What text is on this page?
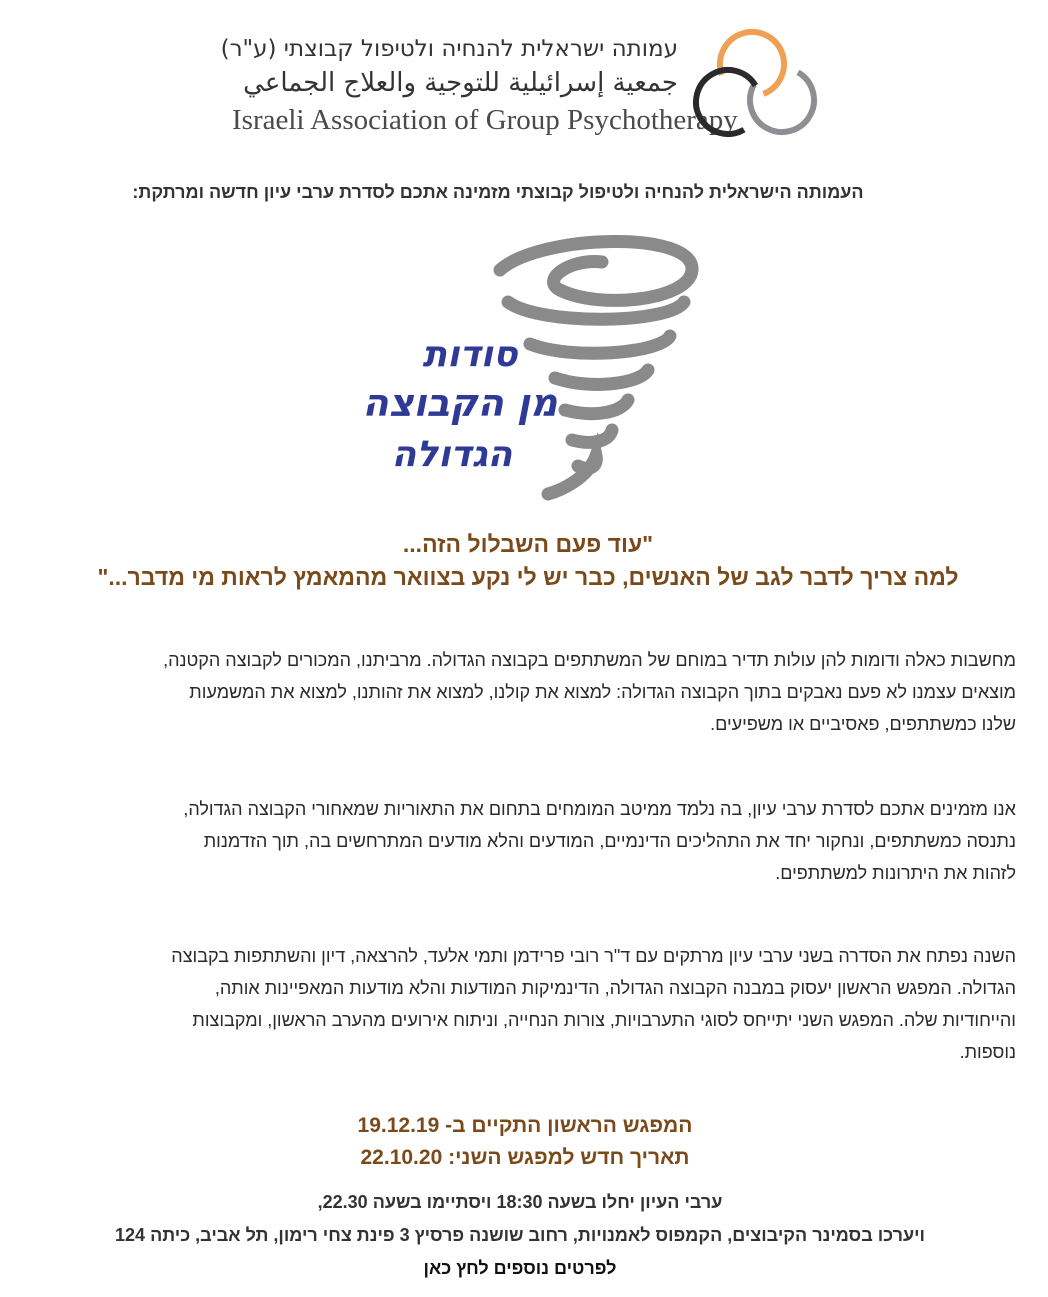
עמותה ישראלית להנחיה ולטיפול קבוצתי (ע"ר)
جمعية إسرائيلية للتوجية والعلاج الجماعي
Israeli Association of Group Psychotherapy
העמותה הישראלית להנחיה ולטיפול קבוצתי מזמינה אתכם לסדרת ערבי עיון חדשה ומרתקת:
סודות
מן הקבוצה
הגדולה
"עוד פעם השבלול הזה...
למה צריך לדבר לגב של האנשים, כבר יש לי נקע בצוואר מהמאמץ לראות מי מדבר..."
מחשבות כאלה ודומות להן עולות תדיר במוחם של המשתתפים בקבוצה הגדולה. מרביתנו, המכורים לקבוצה הקטנה,
מוצאים עצמנו לא פעם נאבקים בתוך הקבוצה הגדולה: למצוא את קולנו, למצוא את זהותנו, למצוא את המשמעות
שלנו כמשתתפים, פאסיביים או משפיעים.
אנו מזמינים אתכם לסדרת ערבי עיון, בה נלמד ממיטב המומחים בתחום את התאוריות שמאחורי הקבוצה הגדולה,
נתנסה כמשתתפים, ונחקור יחד את התהליכים הדינמיים, המודעים והלא מודעים המתרחשים בה, תוך הזדמנות
לזהות את היתרונות למשתתפים.
השנה נפתח את הסדרה בשני ערבי עיון מרתקים עם ד"ר רובי פרידמן ותמי אלעד, להרצאה, דיון והשתתפות בקבוצה
הגדולה. המפגש הראשון יעסוק במבנה הקבוצה הגדולה, הדינמיקות המודעות והלא מודעות המאפיינות אותה,
והייחודיות שלה. המפגש השני יתייחס לסוגי התערבויות, צורות הנחייה, וניתוח אירועים מהערב הראשון, ומקבוצות
נוספות.
המפגש הראשון התקיים ב- 19.12.19
תאריך חדש למפגש השני: 22.10.20
ערבי העיון יחלו בשעה 18:30 ויסתיימו בשעה 22.30,
ויערכו בסמינר הקיבוצים, הקמפוס לאמנויות, רחוב שושנה פרסיץ 3 פינת צחי רימון, תל אביב, כיתה 124
לפרטים נוספים לחץ כאן
